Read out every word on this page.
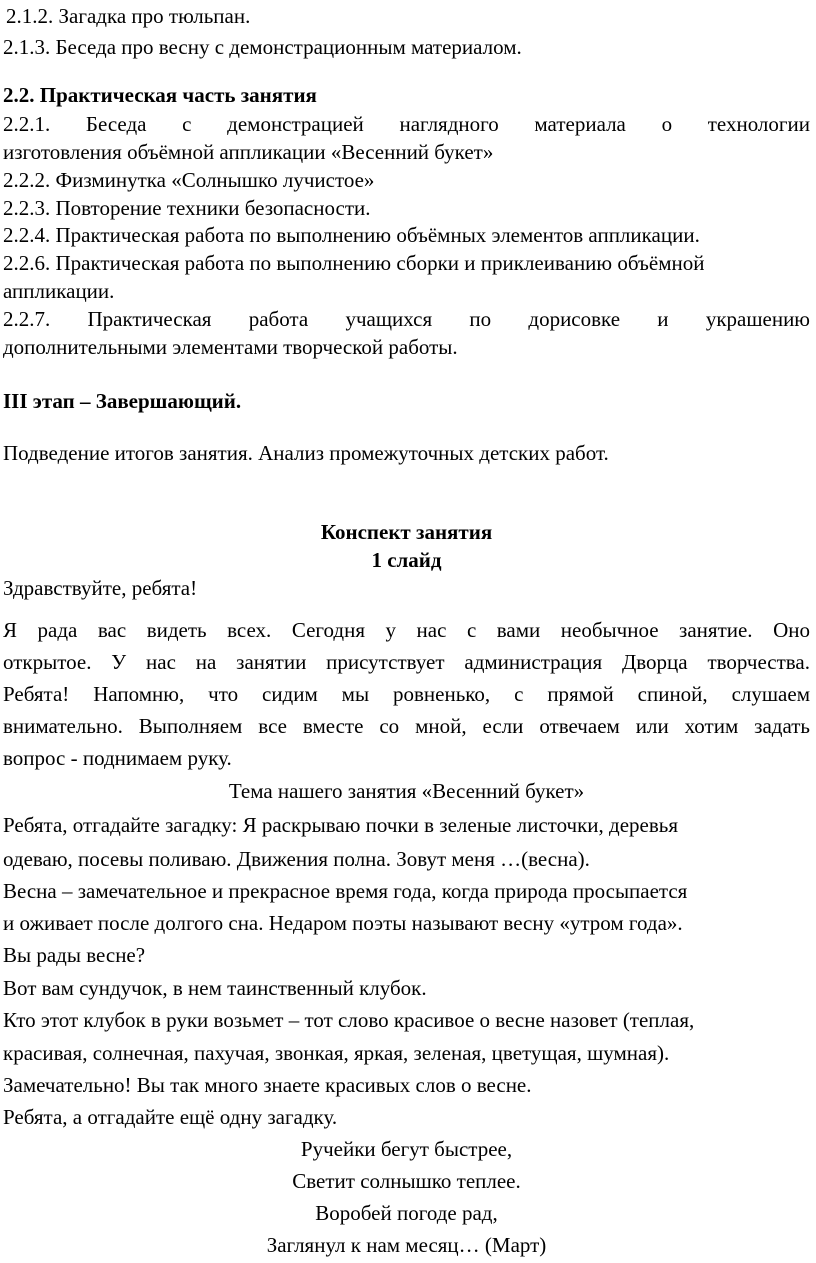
2.1.2. Загадка про тюльпан.
2.1.3. Беседа про весну с демонстрационным материалом.
2.2. Практическая часть занятия
2.2.1. Беседа с демонстрацией наглядного материала о технологии
изготовления объёмной аппликации «Весенний букет»
2.2.2. Физминутка «Солнышко лучистое»
2.2.3. Повторение техники безопасности.
2.2.4. Практическая работа по выполнению объёмных элементов аппликации.
2.2.6. Практическая работа по выполнению сборки и приклеиванию объёмной
аппликации.
2.2.7. Практическая работа учащихся по дорисовке и украшению
дополнительными элементами творческой работы.
III этап – Завершающий.
Подведение итогов занятия. Анализ промежуточных детских работ.
Конспект занятия
1 слайд
Здравствуйте, ребята!
Я рада вас видеть всех. Сегодня у нас с вами необычное занятие. Оно
открытое. У нас на занятии присутствует администрация Дворца творчества.
Ребята! Напомню, что сидим мы ровненько, с прямой спиной, слушаем
внимательно. Выполняем все вместе со мной, если отвечаем или хотим задать
вопрос - поднимаем руку.
Тема нашего занятия «Весенний букет»
Ребята, отгадайте загадку: Я раскрываю почки в зеленые листочки, деревья
одеваю, посевы поливаю. Движения полна. Зовут меня …(весна).
Весна – замечательное и прекрасное время года, когда природа просыпается
и оживает после долгого сна. Недаром поэты называют весну «утром года».
Вы рады весне?
Вот вам сундучок, в нем таинственный клубок.
Кто этот клубок в руки возьмет – тот слово красивое о весне назовет (теплая,
красивая, солнечная, пахучая, звонкая, яркая, зеленая, цветущая, шумная).
Замечательно! Вы так много знаете красивых слов о весне.
Ребята, а отгадайте ещё одну загадку.
Ручейки бегут быстрее,
Светит солнышко теплее.
Воробей погоде рад,
Заглянул к нам месяц… (Март)
